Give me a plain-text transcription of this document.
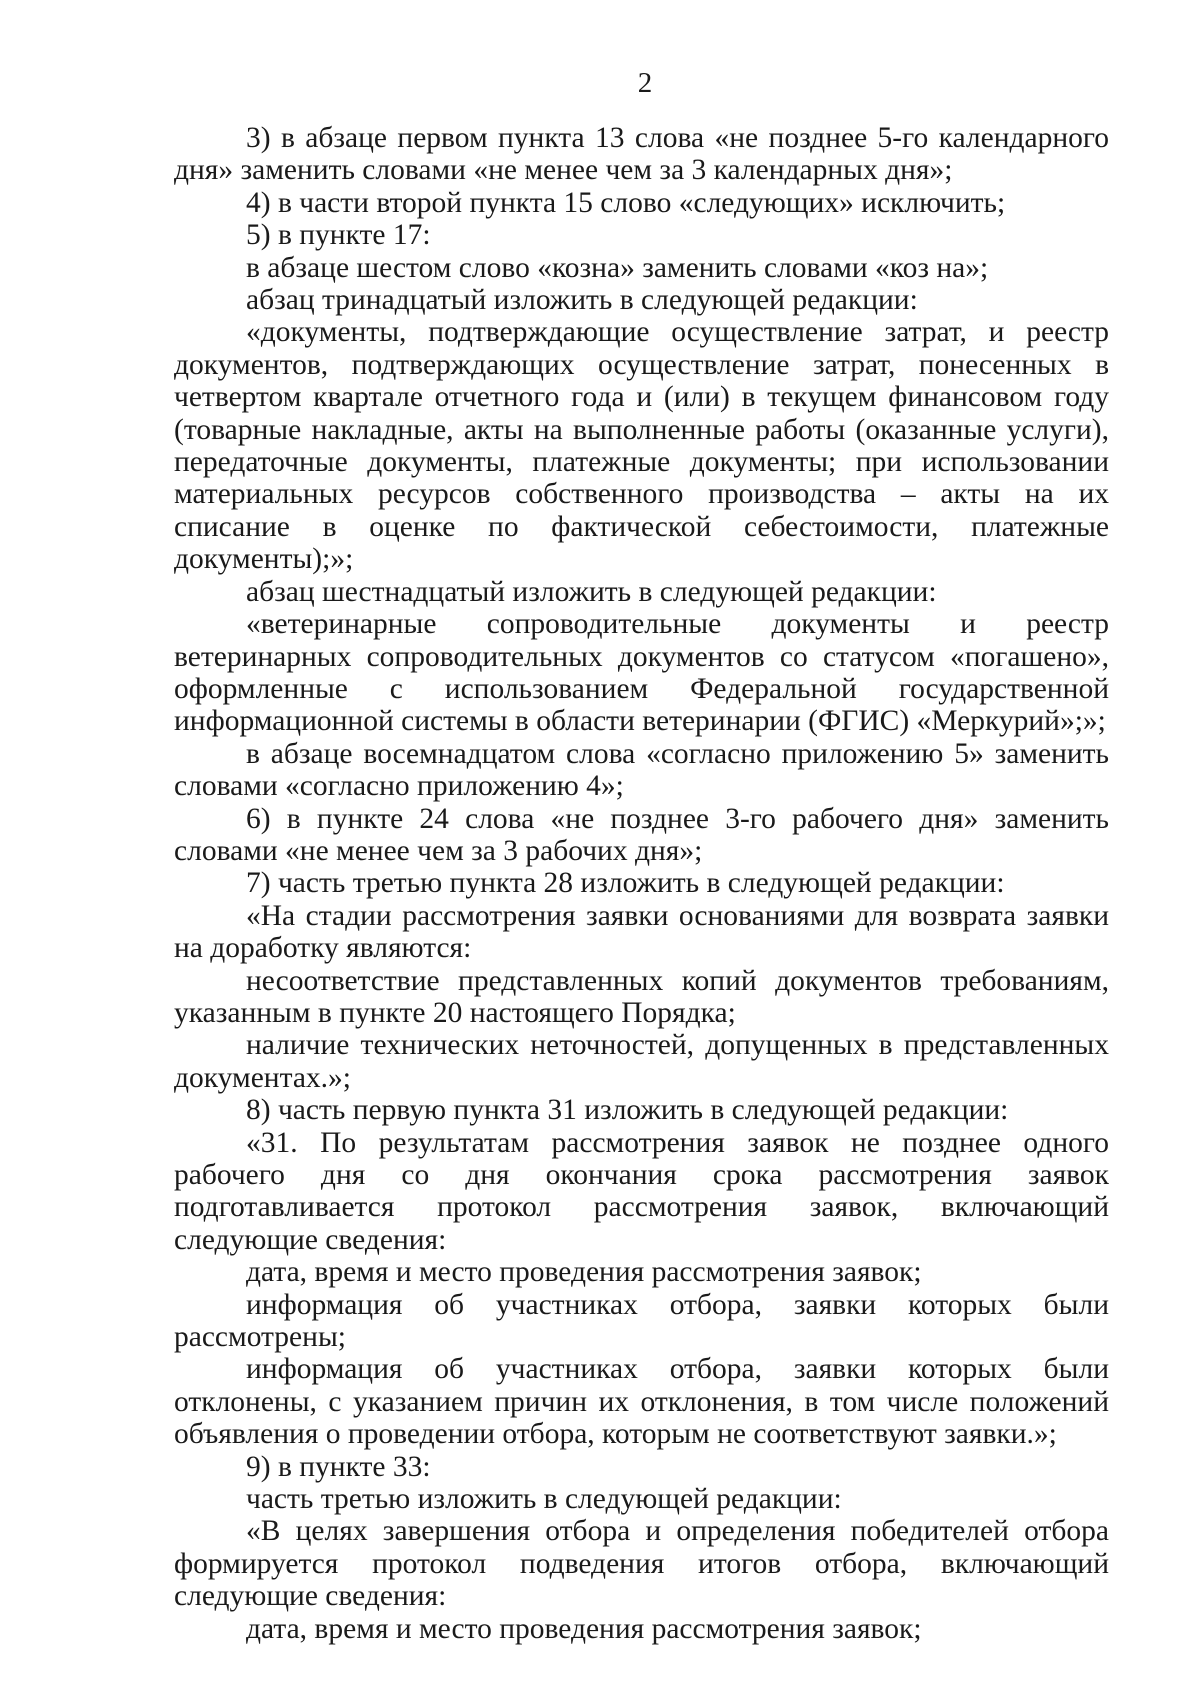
2

3) в абзаце первом пункта 13 слова «не позднее 5-го календарного дня» заменить словами «не менее чем за 3 календарных дня»;

4) в части второй пункта 15 слово «следующих» исключить;

5) в пункте 17:

в абзаце шестом слово «козна» заменить словами «коз на»;

абзац тринадцатый изложить в следующей редакции:

«документы, подтверждающие осуществление затрат, и реестр документов, подтверждающих осуществление затрат, понесенных в четвертом квартале отчетного года и (или) в текущем финансовом году (товарные накладные, акты на выполненные работы (оказанные услуги), передаточные документы, платежные документы; при использовании материальных ресурсов собственного производства – акты на их списание в оценке по фактической себестоимости, платежные документы);»;

абзац шестнадцатый изложить в следующей редакции:

«ветеринарные сопроводительные документы и реестр ветеринарных сопроводительных документов со статусом «погашено», оформленные с использованием Федеральной государственной информационной системы в области ветеринарии (ФГИС) «Меркурий»;»;

в абзаце восемнадцатом слова «согласно приложению 5» заменить словами «согласно приложению 4»;

6) в пункте 24 слова «не позднее 3-го рабочего дня» заменить словами «не менее чем за 3 рабочих дня»;

7) часть третью пункта 28 изложить в следующей редакции:

«На стадии рассмотрения заявки основаниями для возврата заявки на доработку являются:

несоответствие представленных копий документов требованиям, указанным в пункте 20 настоящего Порядка;

наличие технических неточностей, допущенных в представленных документах.»;

8) часть первую пункта 31 изложить в следующей редакции:

«31. По результатам рассмотрения заявок не позднее одного рабочего дня со дня окончания срока рассмотрения заявок подготавливается протокол рассмотрения заявок, включающий следующие сведения:

дата, время и место проведения рассмотрения заявок;

информация об участниках отбора, заявки которых были рассмотрены;

информация об участниках отбора, заявки которых были отклонены, с указанием причин их отклонения, в том числе положений объявления о проведении отбора, которым не соответствуют заявки.»;

9) в пункте 33:

часть третью изложить в следующей редакции:

«В целях завершения отбора и определения победителей отбора формируется протокол подведения итогов отбора, включающий следующие сведения:

дата, время и место проведения рассмотрения заявок;
